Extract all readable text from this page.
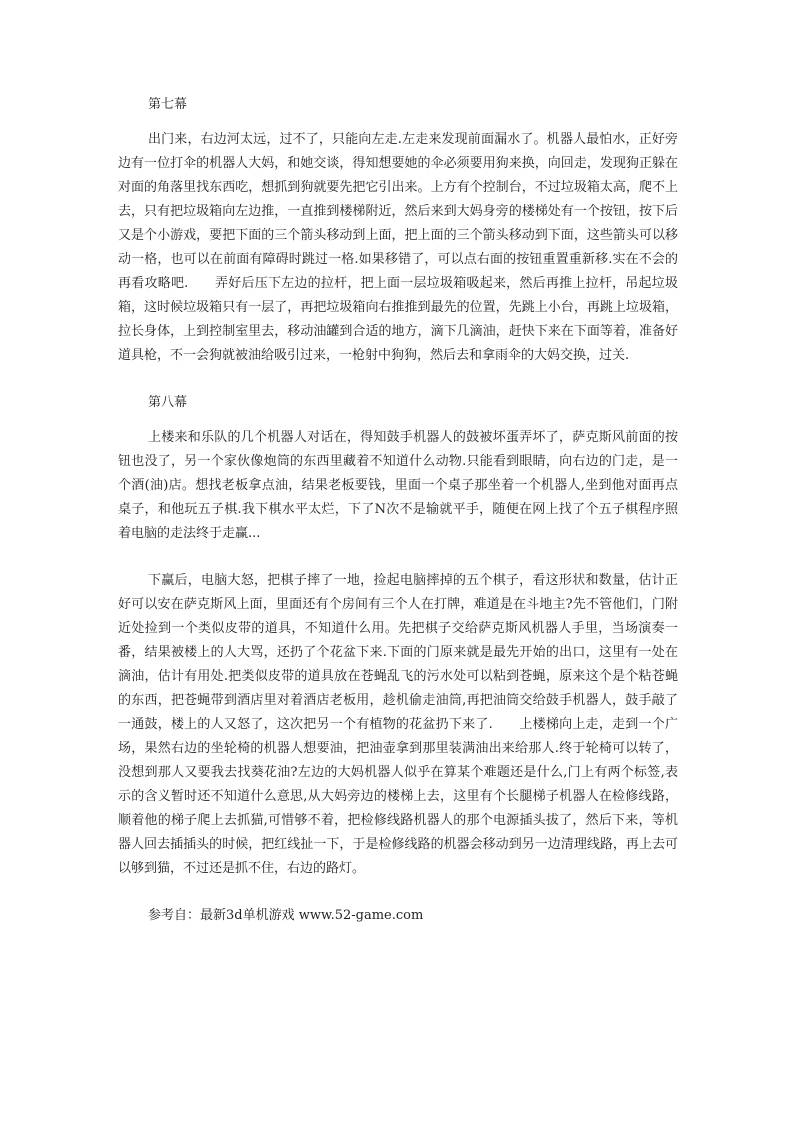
第七幕

出门来，右边河太远，过不了，只能向左走.左走来发现前面漏水了。机器人最怕水，正好旁边有一位打伞的机器人大妈，和她交谈，得知想要她的伞必须要用狗来换，向回走，发现狗正躲在对面的角落里找东西吃，想抓到狗就要先把它引出来。上方有个控制台，不过垃圾箱太高，爬不上去，只有把垃圾箱向左边推，一直推到楼梯附近，然后来到大妈身旁的楼梯处有一个按钮，按下后又是个小游戏，要把下面的三个箭头移动到上面，把上面的三个箭头移动到下面，这些箭头可以移动一格，也可以在前面有障碍时跳过一格.如果移错了，可以点右面的按钮重置重新移.实在不会的再看攻略吧.　　弄好后压下左边的拉杆，把上面一层垃圾箱吸起来，然后再推上拉杆，吊起垃圾箱，这时候垃圾箱只有一层了，再把垃圾箱向右推推到最先的位置，先跳上小台，再跳上垃圾箱，拉长身体，上到控制室里去，移动油罐到合适的地方，滴下几滴油，赶快下来在下面等着，准备好道具枪，不一会狗就被油给吸引过来，一枪射中狗狗，然后去和拿雨伞的大妈交换，过关.

第八幕

上楼来和乐队的几个机器人对话在，得知鼓手机器人的鼓被坏蛋弄坏了，萨克斯风前面的按钮也没了，另一个家伙像炮筒的东西里藏着不知道什么动物.只能看到眼睛，向右边的门走，是一个酒(油)店。想找老板拿点油，结果老板要钱，里面一个桌子那坐着一个机器人,坐到他对面再点桌子，和他玩五子棋.我下棋水平太烂，下了N次不是输就平手，随便在网上找了个五子棋程序照着电脑的走法终于走赢...

下赢后，电脑大怒，把棋子摔了一地，捡起电脑摔掉的五个棋子，看这形状和数量，估计正好可以安在萨克斯风上面，里面还有个房间有三个人在打牌，难道是在斗地主?先不管他们，门附近处捡到一个类似皮带的道具，不知道什么用。先把棋子交给萨克斯风机器人手里，当场演奏一番，结果被楼上的人大骂，还扔了个花盆下来.下面的门原来就是最先开始的出口，这里有一处在滴油，估计有用处.把类似皮带的道具放在苍蝇乱飞的污水处可以粘到苍蝇，原来这个是个粘苍蝇的东西，把苍蝇带到酒店里对着酒店老板用，趁机偷走油筒,再把油筒交给鼓手机器人，鼓手敲了一通鼓，楼上的人又怒了，这次把另一个有植物的花盆扔下来了.　　上楼梯向上走，走到一个广场，果然右边的坐轮椅的机器人想要油，把油壶拿到那里装满油出来给那人.终于轮椅可以转了，没想到那人又要我去找葵花油?左边的大妈机器人似乎在算某个难题还是什么,门上有两个标签,表示的含义暂时还不知道什么意思,从大妈旁边的楼梯上去，这里有个长腿梯子机器人在检修线路，顺着他的梯子爬上去抓猫,可惜够不着，把检修线路机器人的那个电源插头拔了，然后下来，等机器人回去插插头的时候，把红线扯一下，于是检修线路的机器会移动到另一边清理线路，再上去可以够到猫，不过还是抓不住，右边的路灯。

参考自：最新3d单机游戏 www.52-game.com
